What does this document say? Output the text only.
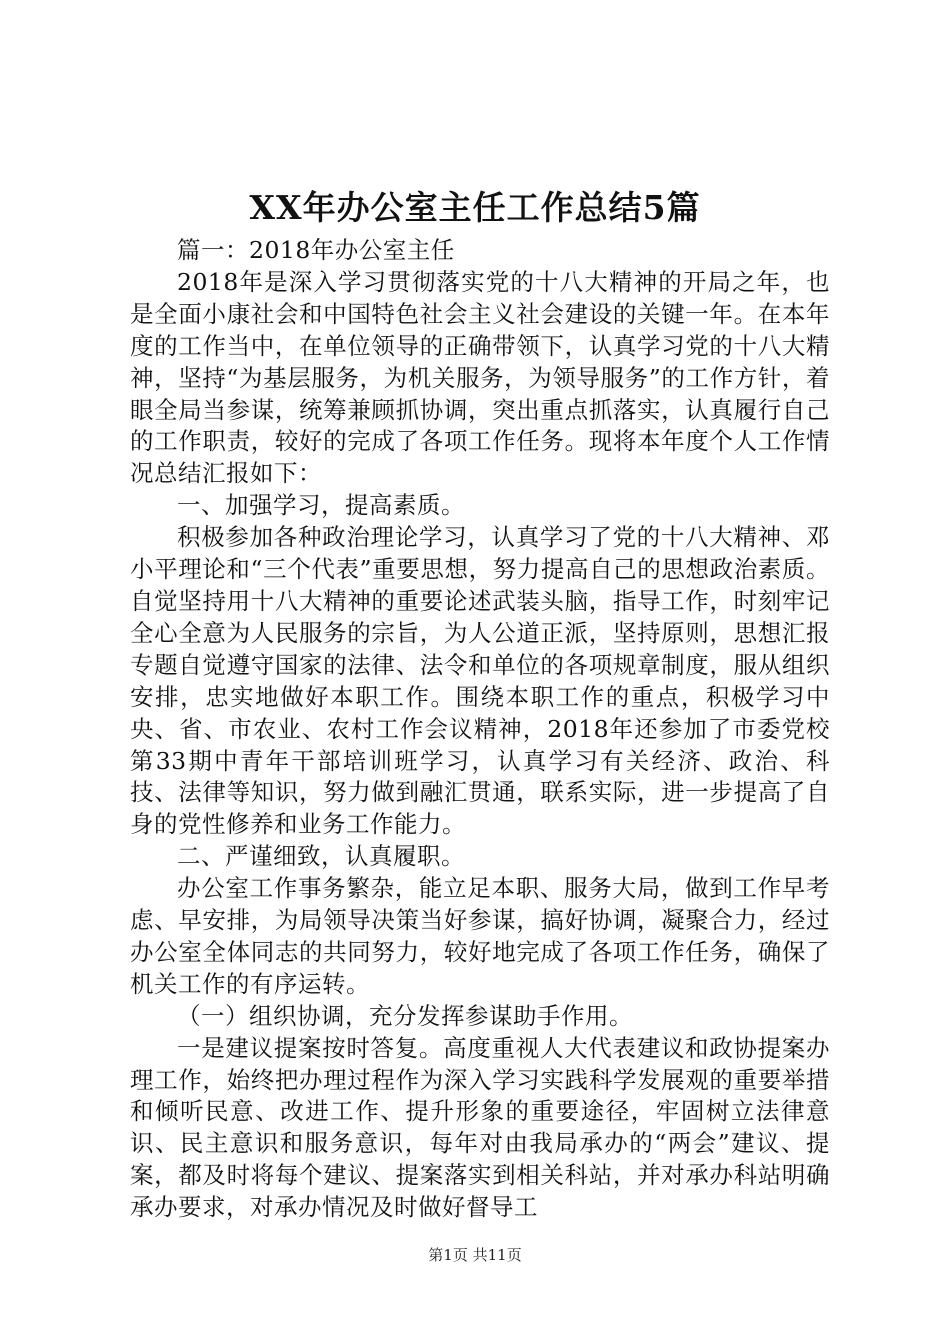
XX年办公室主任工作总结5篇

篇一：2018年办公室主任

2018年是深入学习贯彻落实党的十八大精神的开局之年，也是全面小康社会和中国特色社会主义社会建设的关键一年。在本年度的工作当中，在单位领导的正确带领下，认真学习党的十八大精神，坚持“为基层服务，为机关服务，为领导服务”的工作方针，着眼全局当参谋，统筹兼顾抓协调，突出重点抓落实，认真履行自己的工作职责，较好的完成了各项工作任务。现将本年度个人工作情况总结汇报如下：

一、加强学习，提高素质。

积极参加各种政治理论学习，认真学习了党的十八大精神、邓小平理论和“三个代表”重要思想，努力提高自己的思想政治素质。自觉坚持用十八大精神的重要论述武装头脑，指导工作，时刻牢记全心全意为人民服务的宗旨，为人公道正派，坚持原则，思想汇报专题自觉遵守国家的法律、法令和单位的各项规章制度，服从组织安排，忠实地做好本职工作。围绕本职工作的重点，积极学习中央、省、市农业、农村工作会议精神，2018年还参加了市委党校第33期中青年干部培训班学习，认真学习有关经济、政治、科技、法律等知识，努力做到融汇贯通，联系实际，进一步提高了自身的党性修养和业务工作能力。

二、严谨细致，认真履职。

办公室工作事务繁杂，能立足本职、服务大局，做到工作早考虑、早安排，为局领导决策当好参谋，搞好协调，凝聚合力，经过办公室全体同志的共同努力，较好地完成了各项工作任务，确保了机关工作的有序运转。

（一）组织协调，充分发挥参谋助手作用。

一是建议提案按时答复。高度重视人大代表建议和政协提案办理工作，始终把办理过程作为深入学习实践科学发展观的重要举措和倾听民意、改进工作、提升形象的重要途径，牢固树立法律意识、民主意识和服务意识，每年对由我局承办的“两会”建议、提案，都及时将每个建议、提案落实到相关科站，并对承办科站明确承办要求，对承办情况及时做好督导工

第1页 共11页
